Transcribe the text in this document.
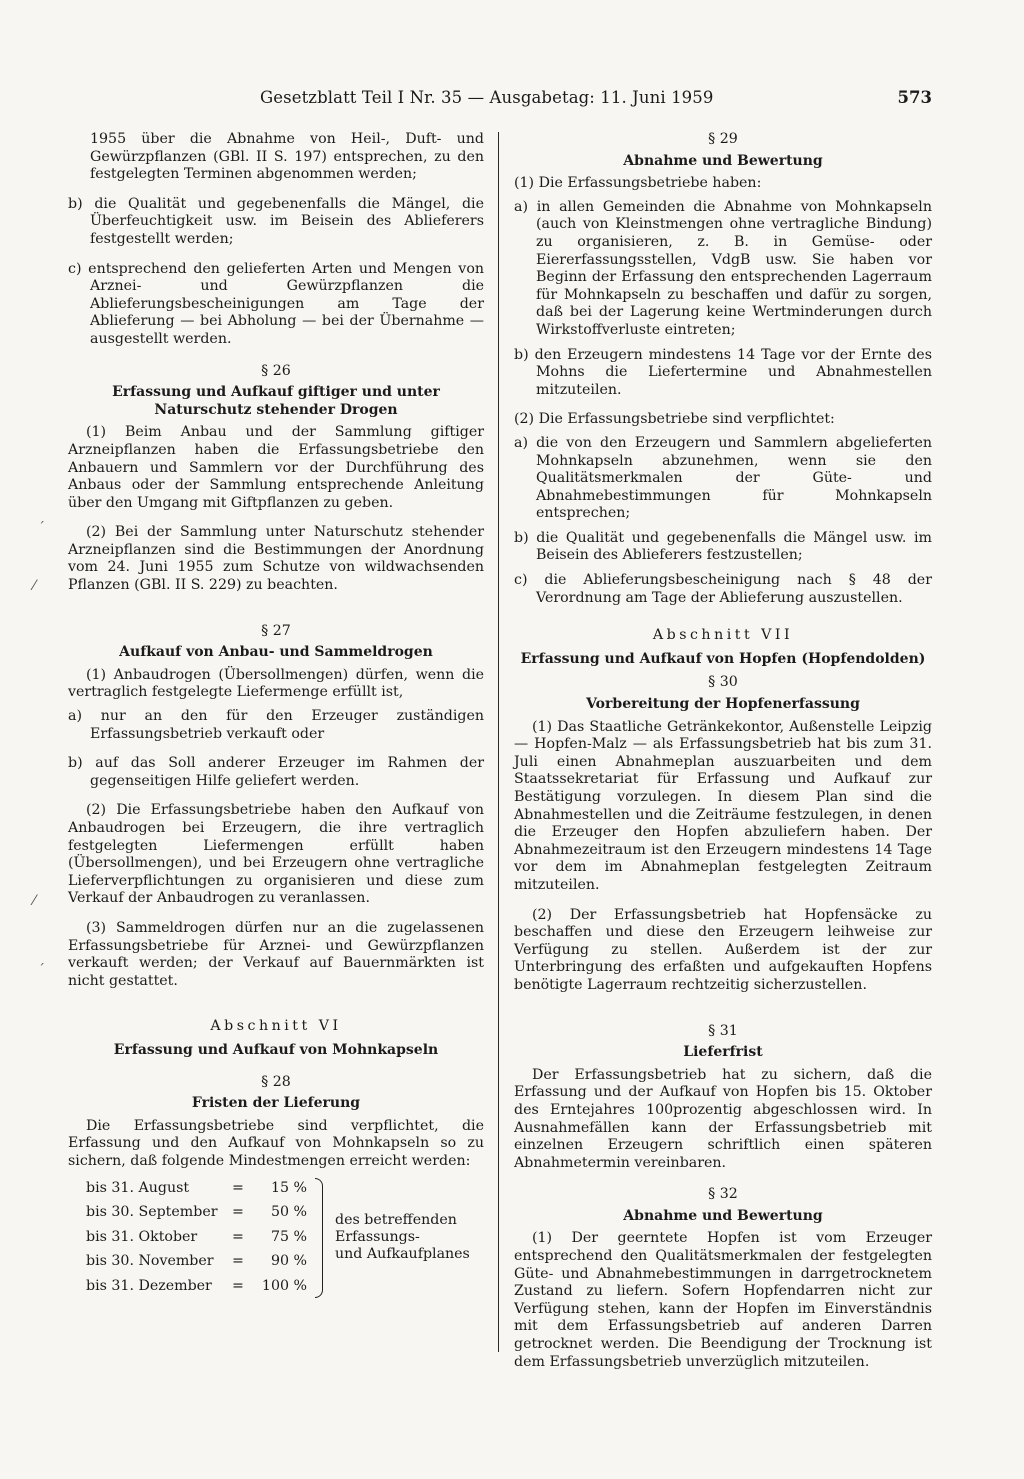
Gesetzblatt Teil I Nr. 35 — Ausgabetag: 11. Juni 1959	573
ˊ
⁄
⁄
ˊ

1955 über die Abnahme von Heil-, Duft- und Gewürzpflanzen (GBl. II S. 197) entsprechen, zu den festgelegten Terminen abgenommen werden;

b) die Qualität und gegebenenfalls die Mängel, die Überfeuchtigkeit usw. im Beisein des Ablieferers festgestellt werden;

c) entsprechend den gelieferten Arten und Mengen von Arznei- und Gewürzpflanzen die Ablieferungsbescheinigungen am Tage der Ablieferung — bei Abholung — bei der Übernahme — ausgestellt werden.

§ 26

Erfassung und Aufkauf giftiger und unter Naturschutz stehender Drogen

(1) Beim Anbau und der Sammlung giftiger Arzneipflanzen haben die Erfassungsbetriebe den Anbauern und Sammlern vor der Durchführung des Anbaus oder der Sammlung entsprechende Anleitung über den Umgang mit Giftpflanzen zu geben.

(2) Bei der Sammlung unter Naturschutz stehender Arzneipflanzen sind die Bestimmungen der Anordnung vom 24. Juni 1955 zum Schutze von wildwachsenden Pflanzen (GBl. II S. 229) zu beachten.

§ 27

Aufkauf von Anbau- und Sammeldrogen

(1) Anbaudrogen (Übersollmengen) dürfen, wenn die vertraglich festgelegte Liefermenge erfüllt ist,

a) nur an den für den Erzeuger zuständigen Erfassungsbetrieb verkauft oder

b) auf das Soll anderer Erzeuger im Rahmen der gegenseitigen Hilfe geliefert werden.

(2) Die Erfassungsbetriebe haben den Aufkauf von Anbaudrogen bei Erzeugern, die ihre vertraglich festgelegten Liefermengen erfüllt haben (Übersollmengen), und bei Erzeugern ohne vertragliche Lieferverpflichtungen zu organisieren und diese zum Verkauf der Anbaudrogen zu veranlassen.

(3) Sammeldrogen dürfen nur an die zugelassenen Erfassungsbetriebe für Arznei- und Gewürzpflanzen verkauft werden; der Verkauf auf Bauernmärkten ist nicht gestattet.

Abschnitt VI

Erfassung und Aufkauf von Mohnkapseln

§ 28

Fristen der Lieferung

Die Erfassungsbetriebe sind verpflichtet, die Erfassung und den Aufkauf von Mohnkapseln so zu sichern, daß folgende Mindestmengen erreicht werden:

bis 31. August	=	15 %
bis 30. September	=	50 %
bis 31. Oktober	=	75 %
bis 30. November	=	90 %
bis 31. Dezember	=	100 %
des betreffenden
Erfassungs-
und Aufkaufplanes

§ 29

Abnahme und Bewertung

(1) Die Erfassungsbetriebe haben:

a) in allen Gemeinden die Abnahme von Mohnkapseln (auch von Kleinstmengen ohne vertragliche Bindung) zu organisieren, z. B. in Gemüse- oder Eiererfassungsstellen, VdgB usw. Sie haben vor Beginn der Erfassung den entsprechenden Lagerraum für Mohnkapseln zu beschaffen und dafür zu sorgen, daß bei der Lagerung keine Wertminderungen durch Wirkstoffverluste eintreten;

b) den Erzeugern mindestens 14 Tage vor der Ernte des Mohns die Liefertermine und Abnahmestellen mitzuteilen.

(2) Die Erfassungsbetriebe sind verpflichtet:

a) die von den Erzeugern und Sammlern abgelieferten Mohnkapseln abzunehmen, wenn sie den Qualitätsmerkmalen der Güte- und Abnahmebestimmungen für Mohnkapseln entsprechen;

b) die Qualität und gegebenenfalls die Mängel usw. im Beisein des Ablieferers festzustellen;

c) die Ablieferungsbescheinigung nach § 48 der Verordnung am Tage der Ablieferung auszustellen.

Abschnitt VII

Erfassung und Aufkauf von Hopfen (Hopfendolden)

§ 30

Vorbereitung der Hopfenerfassung

(1) Das Staatliche Getränkekontor, Außenstelle Leipzig — Hopfen-Malz — als Erfassungsbetrieb hat bis zum 31. Juli einen Abnahmeplan auszuarbeiten und dem Staatssekretariat für Erfassung und Aufkauf zur Bestätigung vorzulegen. In diesem Plan sind die Abnahmestellen und die Zeiträume festzulegen, in denen die Erzeuger den Hopfen abzuliefern haben. Der Abnahmezeitraum ist den Erzeugern mindestens 14 Tage vor dem im Abnahmeplan festgelegten Zeitraum mitzuteilen.

(2) Der Erfassungsbetrieb hat Hopfensäcke zu beschaffen und diese den Erzeugern leihweise zur Verfügung zu stellen. Außerdem ist der zur Unterbringung des erfaßten und aufgekauften Hopfens benötigte Lagerraum rechtzeitig sicherzustellen.

§ 31

Lieferfrist

Der Erfassungsbetrieb hat zu sichern, daß die Erfassung und der Aufkauf von Hopfen bis 15. Oktober des Erntejahres 100prozentig abgeschlossen wird. In Ausnahmefällen kann der Erfassungsbetrieb mit einzelnen Erzeugern schriftlich einen späteren Abnahmetermin vereinbaren.

§ 32

Abnahme und Bewertung

(1) Der geerntete Hopfen ist vom Erzeuger entsprechend den Qualitätsmerkmalen der festgelegten Güte- und Abnahmebestimmungen in darrgetrocknetem Zustand zu liefern. Sofern Hopfendarren nicht zur Verfügung stehen, kann der Hopfen im Einverständnis mit dem Erfassungsbetrieb auf anderen Darren getrocknet werden. Die Beendigung der Trocknung ist dem Erfassungsbetrieb unverzüglich mitzuteilen.
